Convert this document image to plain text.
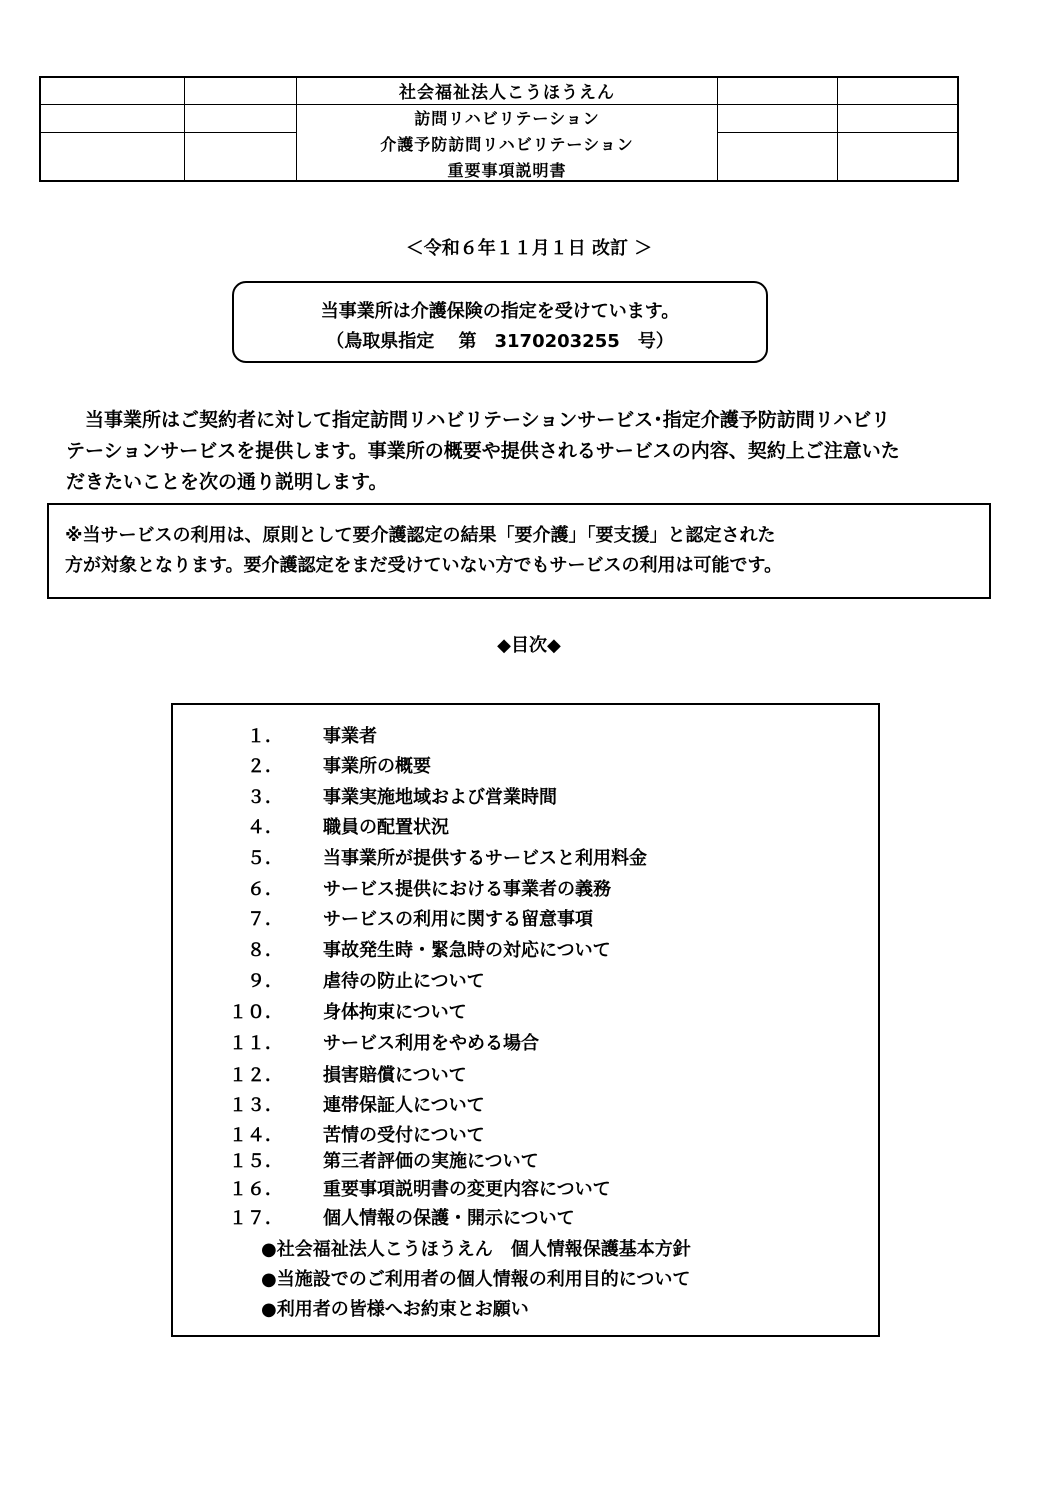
社会福祉法人こうほうえん
訪問リハビリテーション
介護予防訪問リハビリテーション
重要事項説明書
＜令和６年１１月１日 改訂 ＞
当事業所は介護保険の指定を受けています。
（鳥取県指定　 第　3170203255　号）
　当事業所はご契約者に対して指定訪問リハビリテーションサービス･指定介護予防訪問リハビリ
テーションサービスを提供します。事業所の概要や提供されるサービスの内容、契約上ご注意いた
だきたいことを次の通り説明します。
※当サービスの利用は、原則として要介護認定の結果「要介護」「要支援」と認定された
方が対象となります。要介護認定をまだ受けていない方でもサービスの利用は可能です。
◆目次◆
１． 事業者
２． 事業所の概要
３． 事業実施地域および営業時間
４． 職員の配置状況
５． 当事業所が提供するサービスと利用料金
６． サービス提供における事業者の義務
７． サービスの利用に関する留意事項
８． 事故発生時・緊急時の対応について
９． 虐待の防止について
１０． 身体拘束について
１１． サービス利用をやめる場合
１２． 損害賠償について
１３． 連帯保証人について
１４． 苦情の受付について
１５． 第三者評価の実施について
１６． 重要事項説明書の変更内容について
１７． 個人情報の保護・開示について
●社会福祉法人こうほうえん　個人情報保護基本方針
●当施設でのご利用者の個人情報の利用目的について
●利用者の皆様へお約束とお願い
